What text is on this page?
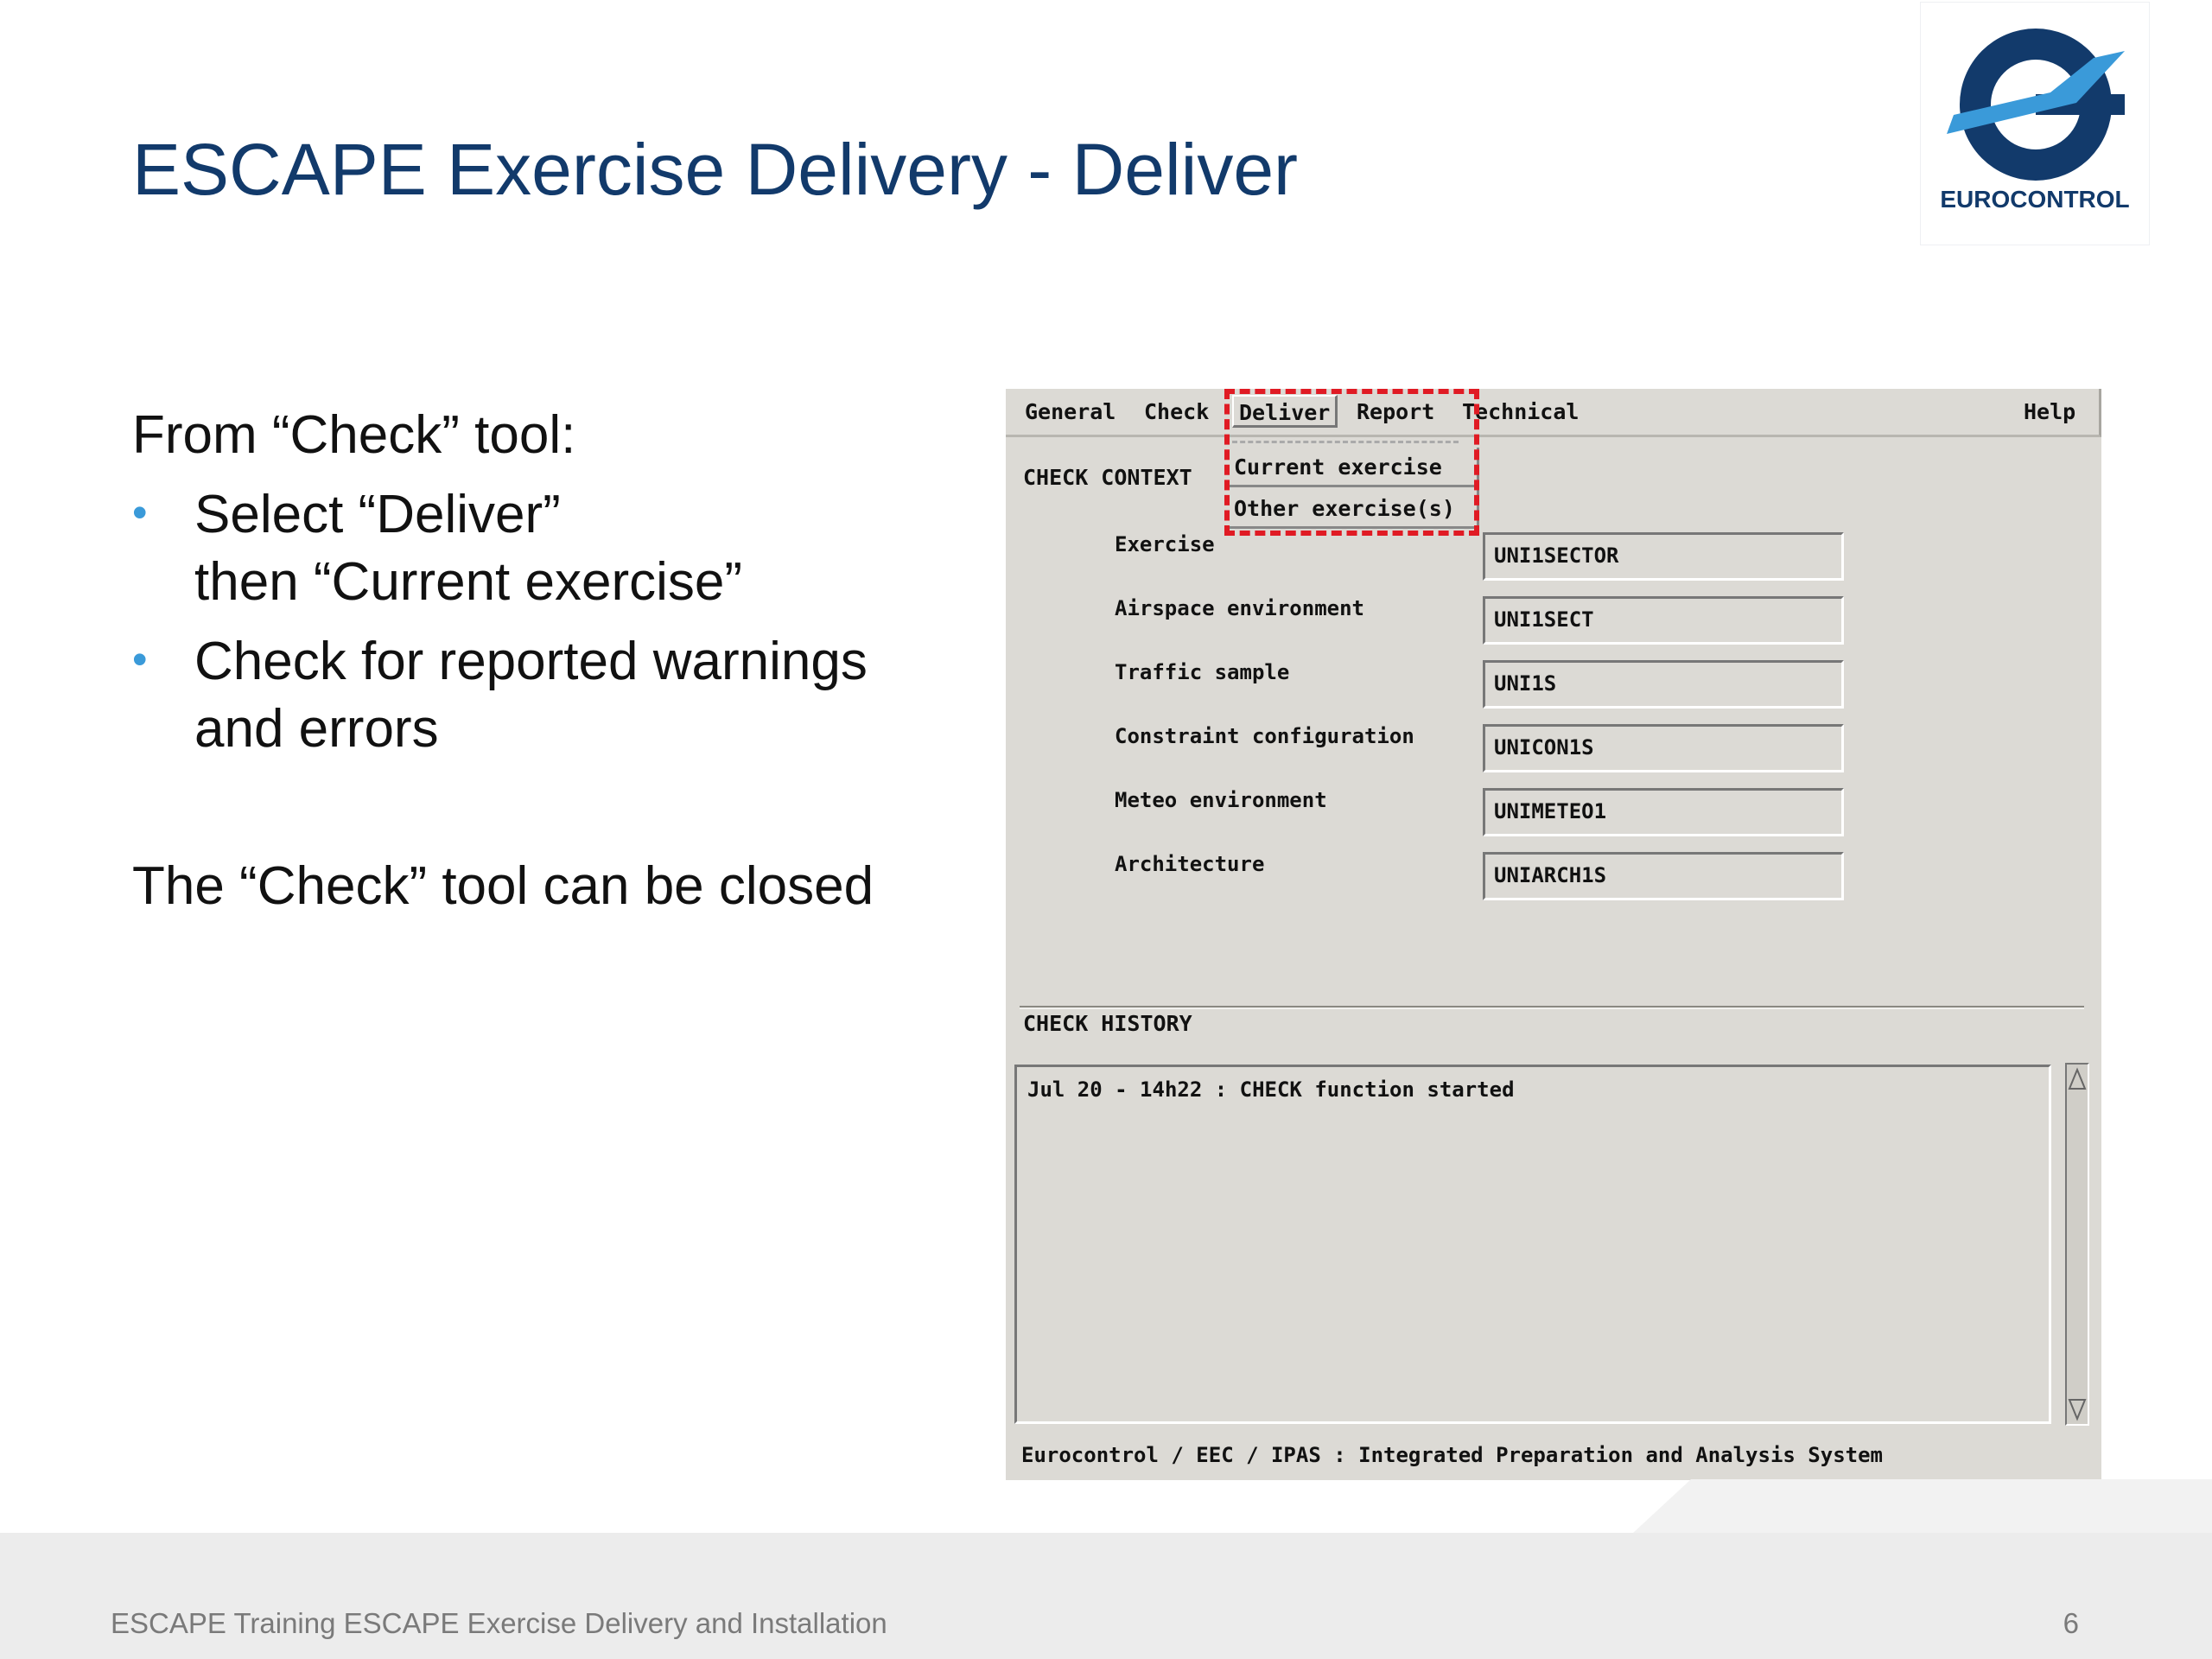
ESCAPE Exercise Delivery - Deliver	EUROCONTROL
From “Check” tool:
• Select “Deliver”
then “Current exercise”
• Check for reported warnings
and errors
The “Check” tool can be closed
General Check	Deliver	Report Technical	Help
Current exercise
Other exercise(s)
CHECK CONTEXT
Exercise	UNI1SECTOR
Airspace environment	UNI1SECT
Traffic sample	UNI1S
Constraint configuration	UNICON1S
Meteo environment	UNIMETEO1
Architecture	UNIARCH1S
CHECK HISTORY
Jul 20 - 14h22 : CHECK function started
Eurocontrol / EEC / IPAS : Integrated Preparation and Analysis System
ESCAPE Training ESCAPE Exercise Delivery and Installation	6
